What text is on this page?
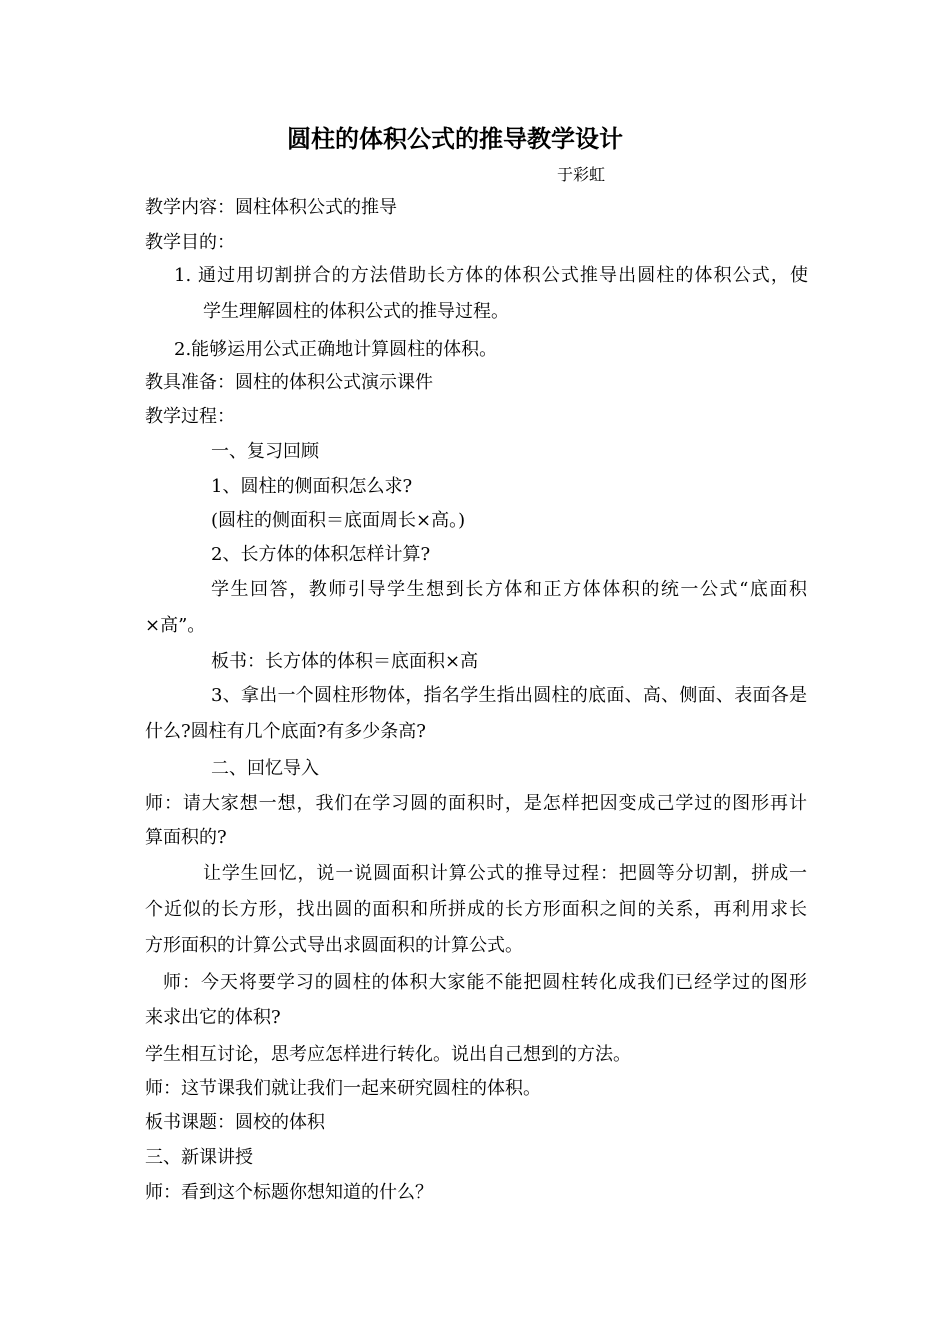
圆柱的体积公式的推导教学设计
于彩虹
教学内容：圆柱体积公式的推导
教学目的：
1. 通过用切割拼合的方法借助长方体的体积公式推导出圆柱的体积公式，使
学生理解圆柱的体积公式的推导过程。
2.能够运用公式正确地计算圆柱的体积。
教具准备：圆柱的体积公式演示课件
教学过程：
一、复习回顾
1、圆柱的侧面积怎么求?
(圆柱的侧面积＝底面周长×高。)
2、长方体的体积怎样计算?
学生回答，教师引导学生想到长方体和正方体体积的统一公式“底面积
×高”。
板书：长方体的体积＝底面积×高
3、拿出一个圆柱形物体，指名学生指出圆柱的底面、高、侧面、表面各是
什么?圆柱有几个底面?有多少条高?
二、回忆导入
师：请大家想一想，我们在学习圆的面积时，是怎样把因变成己学过的图形再计
算面积的?
让学生回忆，说一说圆面积计算公式的推导过程：把圆等分切割，拼成一
个近似的长方形，找出圆的面积和所拼成的长方形面积之间的关系，再利用求长
方形面积的计算公式导出求圆面积的计算公式。
师：今天将要学习的圆柱的体积大家能不能把圆柱转化成我们已经学过的图形
来求出它的体积?
学生相互讨论，思考应怎样进行转化。说出自己想到的方法。
师：这节课我们就让我们一起来研究圆柱的体积。
板书课题：圆校的体积
三、新课讲授
师：看到这个标题你想知道的什么？
